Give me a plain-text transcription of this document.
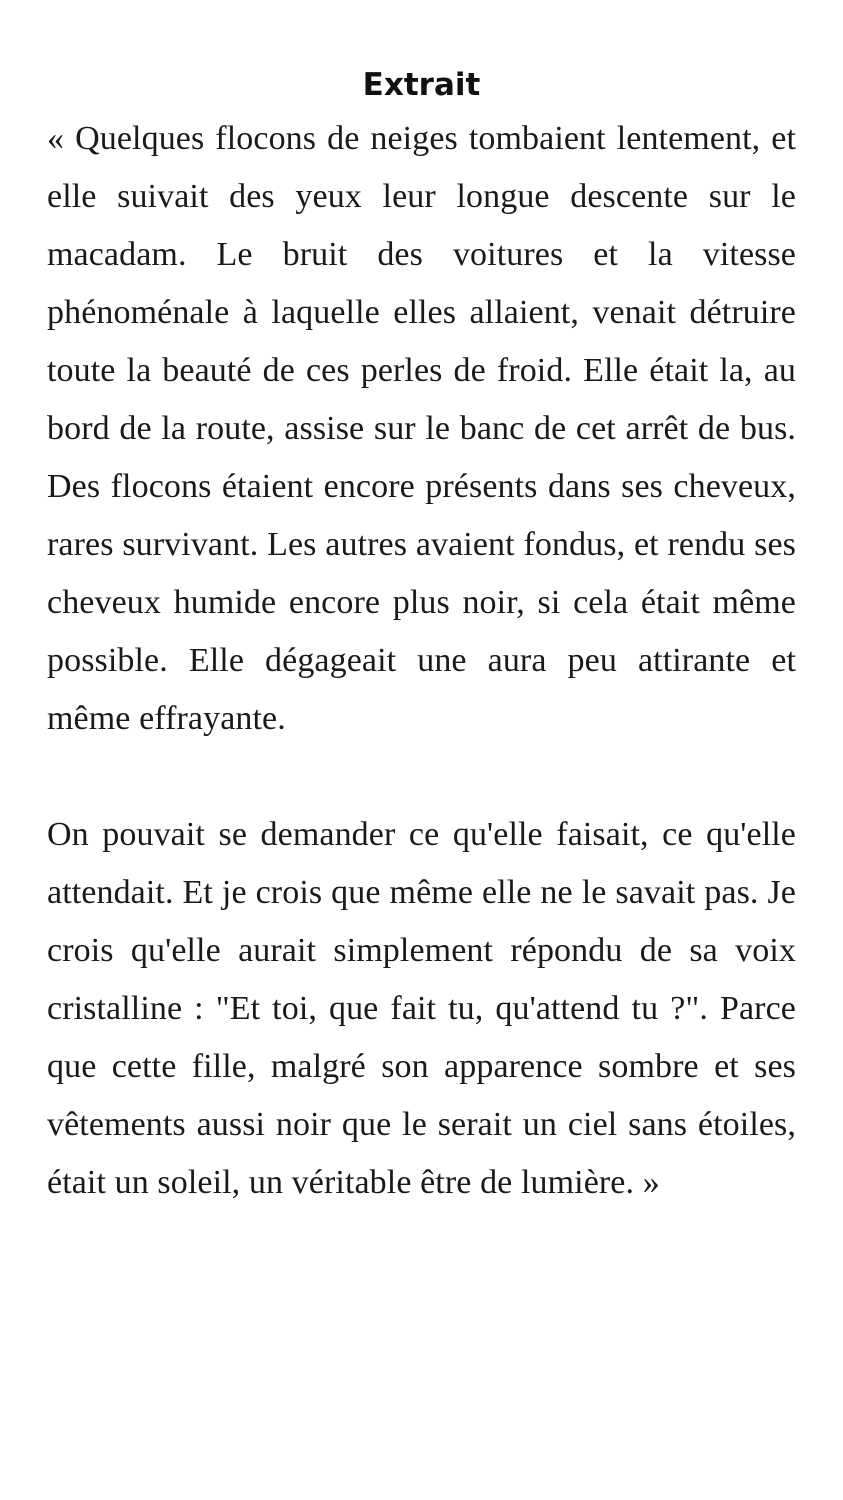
Extrait

« Quelques flocons de neiges tombaient lentement, et elle suivait des yeux leur longue descente sur le macadam. Le bruit des voitures et la vitesse phénoménale à laquelle elles allaient, venait détruire toute la beauté de ces perles de froid. Elle était la, au bord de la route, assise sur le banc de cet arrêt de bus. Des flocons étaient encore présents dans ses cheveux, rares survivant. Les autres avaient fondus, et rendu ses cheveux humide encore plus noir, si cela était même possible. Elle dégageait une aura peu attirante et même effrayante.

On pouvait se demander ce qu'elle faisait, ce qu'elle attendait. Et je crois que même elle ne le savait pas. Je crois qu'elle aurait simplement répondu de sa voix cristalline : "Et toi, que fait tu, qu'attend tu ?". Parce que cette fille, malgré son apparence sombre et ses vêtements aussi noir que le serait un ciel sans étoiles, était un soleil, un véritable être de lumière. »
